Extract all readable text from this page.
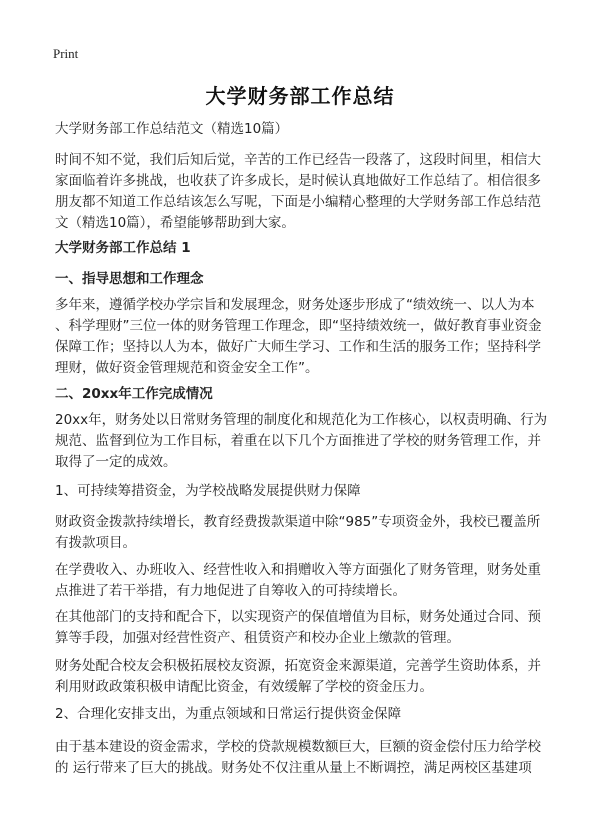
Print
大学财务部工作总结
大学财务部工作总结范文（精选10篇）
时间不知不觉，我们后知后觉，辛苦的工作已经告一段落了，这段时间里，相信大
家面临着许多挑战，也收获了许多成长，是时候认真地做好工作总结了。相信很多
朋友都不知道工作总结该怎么写呢，下面是小编精心整理的大学财务部工作总结范
文（精选10篇），希望能够帮助到大家。
大学财务部工作总结 1
一、指导思想和工作理念
多年来，遵循学校办学宗旨和发展理念，财务处逐步形成了“绩效统一、以人为本
、科学理财”三位一体的财务管理工作理念，即“坚持绩效统一，做好教育事业资金
保障工作；坚持以人为本，做好广大师生学习、工作和生活的服务工作；坚持科学
理财，做好资金管理规范和资金安全工作”。
二、20xx年工作完成情况
20xx年，财务处以日常财务管理的制度化和规范化为工作核心，以权责明确、行为
规范、监督到位为工作目标，着重在以下几个方面推进了学校的财务管理工作，并
取得了一定的成效。
1、可持续筹措资金，为学校战略发展提供财力保障
财政资金拨款持续增长，教育经费拨款渠道中除“985”专项资金外，我校已覆盖所
有拨款项目。
在学费收入、办班收入、经营性收入和捐赠收入等方面强化了财务管理，财务处重
点推进了若干举措，有力地促进了自筹收入的可持续增长。
在其他部门的支持和配合下，以实现资产的保值增值为目标，财务处通过合同、预
算等手段，加强对经营性资产、租赁资产和校办企业上缴款的管理。
财务处配合校友会积极拓展校友资源，拓宽资金来源渠道，完善学生资助体系，并
利用财政政策积极申请配比资金，有效缓解了学校的资金压力。
2、合理化安排支出，为重点领域和日常运行提供资金保障
由于基本建设的资金需求，学校的贷款规模数额巨大，巨额的资金偿付压力给学校
的 运行带来了巨大的挑战。财务处不仅注重从量上不断调控，满足两校区基建项
